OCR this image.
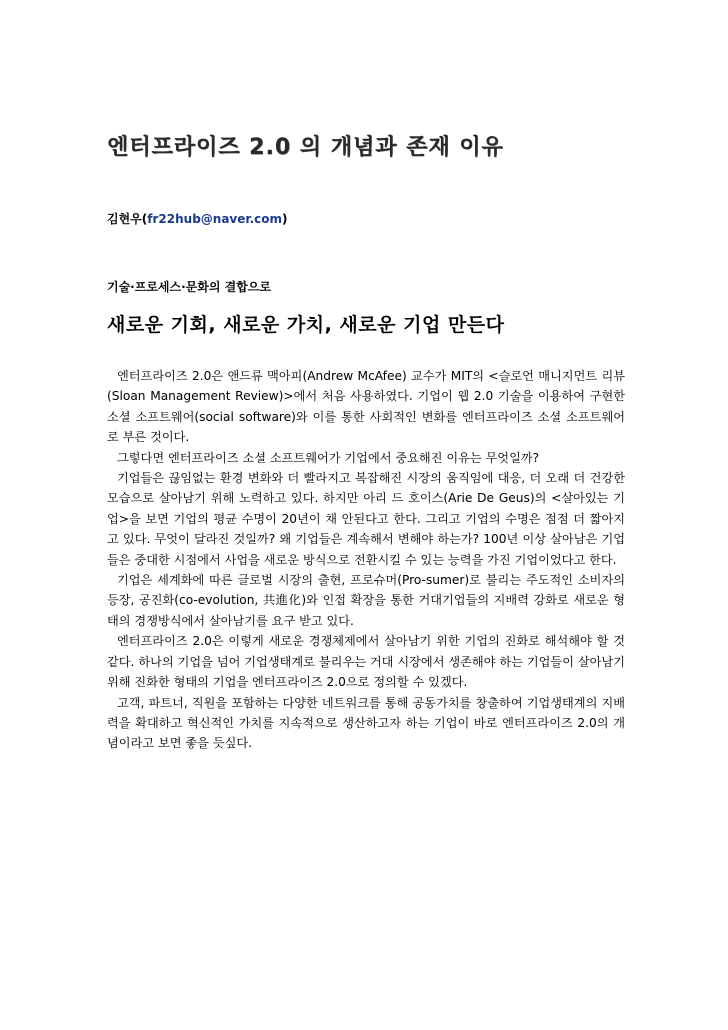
엔터프라이즈 2.0 의 개념과 존재 이유
김현우(fr22hub@naver.com)
기술·프로세스·문화의 결합으로
새로운 기회, 새로운 가치, 새로운 기업 만든다

엔터프라이즈 2.0은 앤드류 맥아피(Andrew McAfee) 교수가 MIT의 <슬로언 매니지먼트 리뷰(Sloan Management Review)>에서 처음 사용하였다. 기업이 웹 2.0 기술을 이용하여 구현한 소셜 소프트웨어(social software)와 이를 통한 사회적인 변화를 엔터프라이즈 소셜 소프트웨어로 부른 것이다.

그렇다면 엔터프라이즈 소셜 소프트웨어가 기업에서 중요해진 이유는 무엇일까?

기업들은 끊임없는 환경 변화와 더 빨라지고 복잡해진 시장의 움직임에 대응, 더 오래 더 건강한 모습으로 살아남기 위해 노력하고 있다. 하지만 아리 드 호이스(Arie De Geus)의 <살아있는 기업>을 보면 기업의 평균 수명이 20년이 채 안된다고 한다. 그리고 기업의 수명은 점점 더 짧아지고 있다. 무엇이 달라진 것일까? 왜 기업들은 계속해서 변해야 하는가? 100년 이상 살아남은 기업들은 중대한 시점에서 사업을 새로운 방식으로 전환시킬 수 있는 능력을 가진 기업이었다고 한다.

기업은 세계화에 따른 글로벌 시장의 출현, 프로슈머(Pro-sumer)로 불리는 주도적인 소비자의 등장, 공진화(co-evolution, 共進化)와 인접 확장을 통한 거대기업들의 지배력 강화로 새로운 형태의 경쟁방식에서 살아남기를 요구 받고 있다.

엔터프라이즈 2.0은 이렇게 새로운 경쟁체제에서 살아남기 위한 기업의 진화로 해석해야 할 것 같다. 하나의 기업을 넘어 기업생태계로 불리우는 거대 시장에서 생존해야 하는 기업들이 살아남기 위해 진화한 형태의 기업을 엔터프라이즈 2.0으로 정의할 수 있겠다.

고객, 파트너, 직원을 포함하는 다양한 네트워크를 통해 공동가치를 창출하여 기업생태계의 지배력을 확대하고 혁신적인 가치를 지속적으로 생산하고자 하는 기업이 바로 엔터프라이즈 2.0의 개념이라고 보면 좋을 듯싶다.
